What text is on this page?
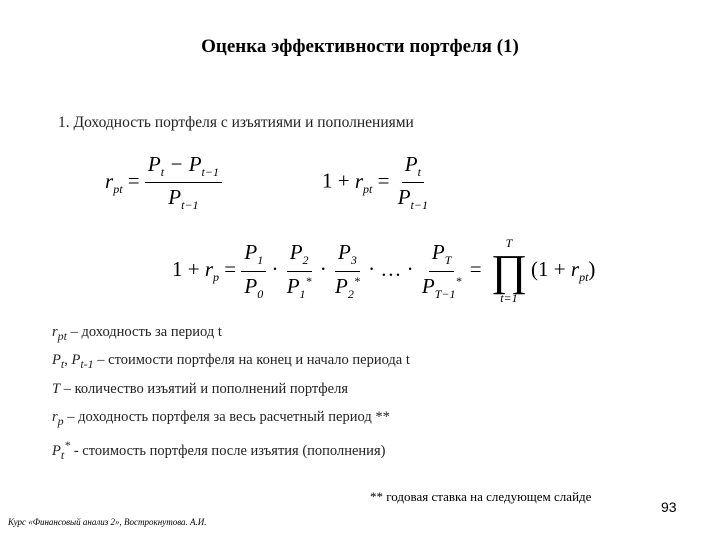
Оценка эффективности портфеля (1)
1. Доходность портфеля с изъятиями и пополнениями
$r_{pt} = \frac{P_t - P_{t-1}}{P_{t-1}}$	$1 + r_{pt} = \frac{P_t}{P_{t-1}}$
$1 + r_p = \frac{P_1}{P_0} \cdot \frac{P_2}{P_1^*} \cdot \frac{P_3}{P_2^*}$ · … · $\frac{P_T}{P_{T-1}^*}$ =
T
∏
t=1
$(1 + r_{pt})$
$r_{pt}$ – доходность за период t
$P_t$, $P_{t-1}$ – стоимости портфеля на конец и начало периода t
T – количество изъятий и пополнений портфеля
$r_p$ – доходность портфеля за весь расчетный период **
$P_t^*$ - стоимость портфеля после изъятия (пополнения)
** годовая ставка на следующем слайде
93
Курс «Финансовый анализ 2», Вострокнутова. А.И.
